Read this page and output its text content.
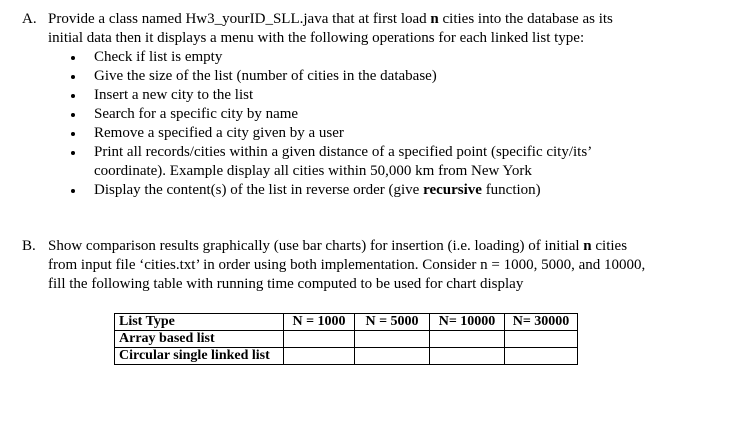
A. Provide a class named Hw3_yourID_SLL.java that at first load n cities into the database as its
initial data then it displays a menu with the following operations for each linked list type:
Check if list is empty
Give the size of the list (number of cities in the database)
Insert a new city to the list
Search for a specific city by name
Remove a specified a city given by a user
Print all records/cities within a given distance of a specified point (specific city/its’
coordinate). Example display all cities within 50,000 km from New York
Display the content(s) of the list in reverse order (give recursive function)
B. Show comparison results graphically (use bar charts) for insertion (i.e. loading) of initial n cities
from input file ‘cities.txt’ in order using both implementation. Consider n = 1000, 5000, and 10000,
fill the following table with running time computed to be used for chart display
List Type	N = 1000	N = 5000	N= 10000	N= 30000
Array based list				
Circular single linked list				
